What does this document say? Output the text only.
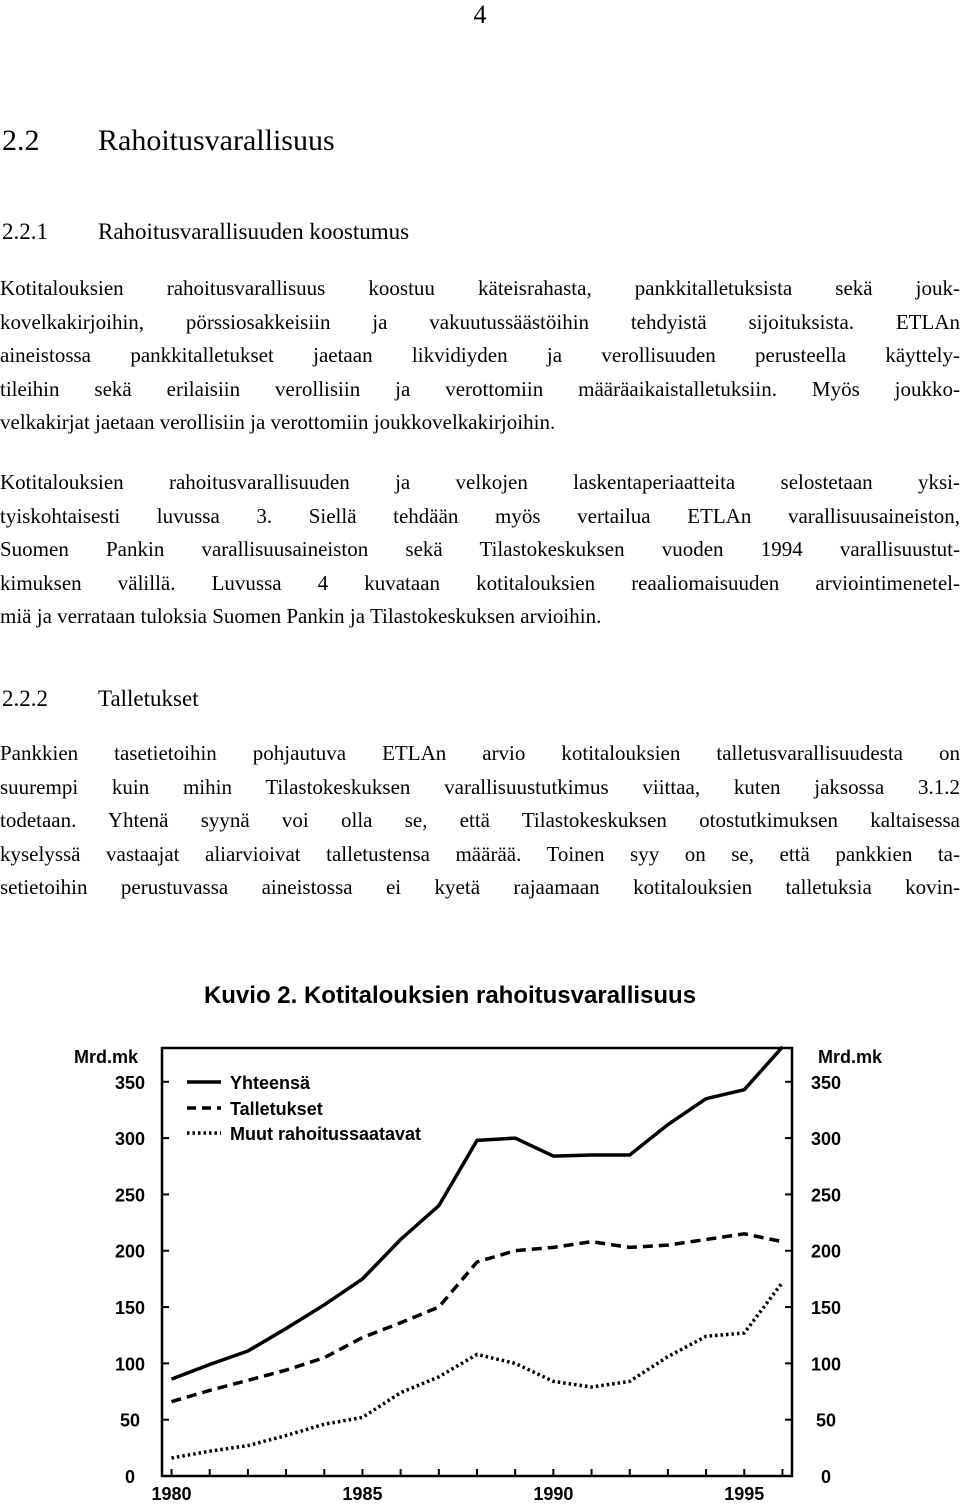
4
2.2 Rahoitusvarallisuus
2.2.1 Rahoitusvarallisuuden koostumus
Kotitalouksien rahoitusvarallisuus koostuu käteisrahasta, pankkitalletuksista sekä jouk-
kovelkakirjoihin, pörssiosakkeisiin ja vakuutussäästöihin tehdyistä sijoituksista. ETLAn
aineistossa pankkitalletukset jaetaan likvidiyden ja verollisuuden perusteella käyttely-
tileihin sekä erilaisiin verollisiin ja verottomiin määräaikaistalletuksiin. Myös joukko-
velkakirjat jaetaan verollisiin ja verottomiin joukkovelkakirjoihin.
Kotitalouksien rahoitusvarallisuuden ja velkojen laskentaperiaatteita selostetaan yksi-
tyiskohtaisesti luvussa 3. Siellä tehdään myös vertailua ETLAn varallisuusaineiston,
Suomen Pankin varallisuusaineiston sekä Tilastokeskuksen vuoden 1994 varallisuustut-
kimuksen välillä. Luvussa 4 kuvataan kotitalouksien reaaliomaisuuden arviointimenetel-
miä ja verrataan tuloksia Suomen Pankin ja Tilastokeskuksen arvioihin.
2.2.2 Talletukset
Pankkien tasetietoihin pohjautuva ETLAn arvio kotitalouksien talletusvarallisuudesta on
suurempi kuin mihin Tilastokeskuksen varallisuustutkimus viittaa, kuten jaksossa 3.1.2
todetaan. Yhtenä syynä voi olla se, että Tilastokeskuksen otostutkimuksen kaltaisessa
kyselyssä vastaajat aliarvioivat talletustensa määrää. Toinen syy on se, että pankkien ta-
setietoihin perustuvassa aineistossa ei kyetä rajaamaan kotitalouksien talletuksia kovin-
Kuvio 2. Kotitalouksien rahoitusvarallisuus
Mrd.mk	Mrd.mk
0	0
50	50
100	100
150	150
200	200
250	250
300	300
350	350
1980	1985	1990	1995
Yhteensä
Talletukset
Muut rahoitussaatavat
